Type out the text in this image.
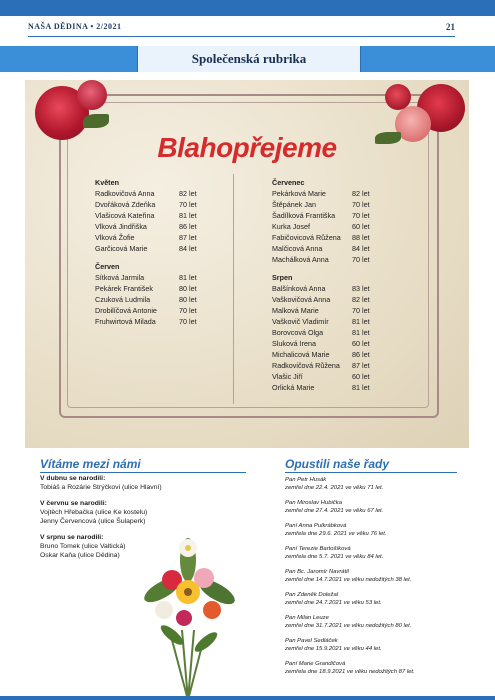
NAŠA DĚDINA • 2/2021	21
Společenská rubrika
Blahopřejeme
Květen
Radkovičová Anna	82 let
Dvořáková Zdeňka	70 let
Vlašicová Kateřina	81 let
Vlková Jindřiška	86 let
Vlková Žofie	87 let
Garčicová Marie	84 let
Červen
Sítková Jarmila	81 let
Pekárek František	80 let
Czuková Ludmila	80 let
Drobilíčová Antonie	70 let
Fruhwirtová Milada	70 let
Červenec
Pekárková Marie	82 let
Štěpánek Jan	70 let
Šadílková Františka 70 let
Kurka Josef	60 let
Fabičovicová Růžena 88 let
Malčicová Anna	84 let
Machálková Anna	70 let
Srpen
Balšínková Anna	83 let
Vaškovičová Anna	82 let
Malková Marie	70 let
Vaškovič Vladimír	81 let
Borovcová Olga	81 let
Sluková Irena	60 let
Michalicová Marie	86 let
Radkovičová Růžena 87 let
Vlašic Jiří	60 let
Orlická Marie	81 let
Vítáme mezi námi
V dubnu se narodili:
Tobiáš a Rozárie Strýčkovi (ulice Hlavní)
V červnu se narodili:
Vojtěch Hřebačka (ulice Ke kostelu)
Jenny Červencová (ulice Šulaperk)
V srpnu se narodili:
Bruno Tomek (ulice Valtická)
Oskar Kaňa (ulice Dědina)
Opustili naše řady
Pan Petr Husák
zemřel dne 22.4. 2021 ve věku 71 let.
Pan Miroslav Hubička
zemřel dne 27.4. 2021 ve věku 67 let.
Paní Anna Pulkrábková
zemřela dne 29.6. 2021 ve věku 76 let.
Paní Terezie Bartošíková
zemřela dne 5.7. 2021 ve věku 84 let.
Pan Bc. Jaromír Navrátil
zemřel dne 14.7.2021 ve věku nedožitých 38 let.
Pan Zdeněk Doležal
zemřel dne 24.7.2021 ve věku 53 let.
Pan Milan Leuze
zemřel dne 31.7.2021 ve věku nedožitých 80 let.
Pan Pavel Sedláček
zemřel dne 15.9.2021 ve věku 44 let.
Paní Marie Grandičová
zemřela dne 18.9.2021 ve věku nedožitých 87 let.
